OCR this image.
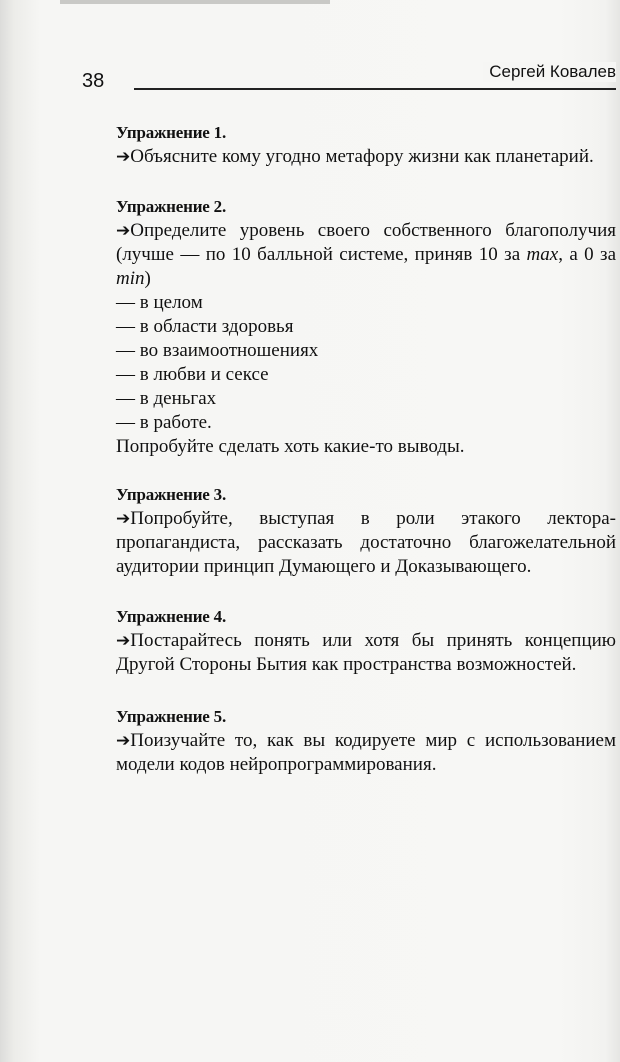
38	Сергей Ковалев
Упражнение 1.
➔Объясните кому угодно метафору жизни как планетарий.
Упражнение 2.
➔Определите уровень своего собственного благополучия (лучше — по 10 балльной системе, приняв 10 за max, а 0 за min)
— в целом
— в области здоровья
— во взаимоотношениях
— в любви и сексе
— в деньгах
— в работе.
Попробуйте сделать хоть какие-то выводы.
Упражнение 3.
➔Попробуйте, выступая в роли этакого лектора-пропагандиста, рассказать достаточно благожелательной аудитории принцип Думающего и Доказывающего.
Упражнение 4.
➔Постарайтесь понять или хотя бы принять концепцию Другой Стороны Бытия как пространства возможностей.
Упражнение 5.
➔Поизучайте то, как вы кодируете мир с использованием модели кодов нейропрограммирования.
